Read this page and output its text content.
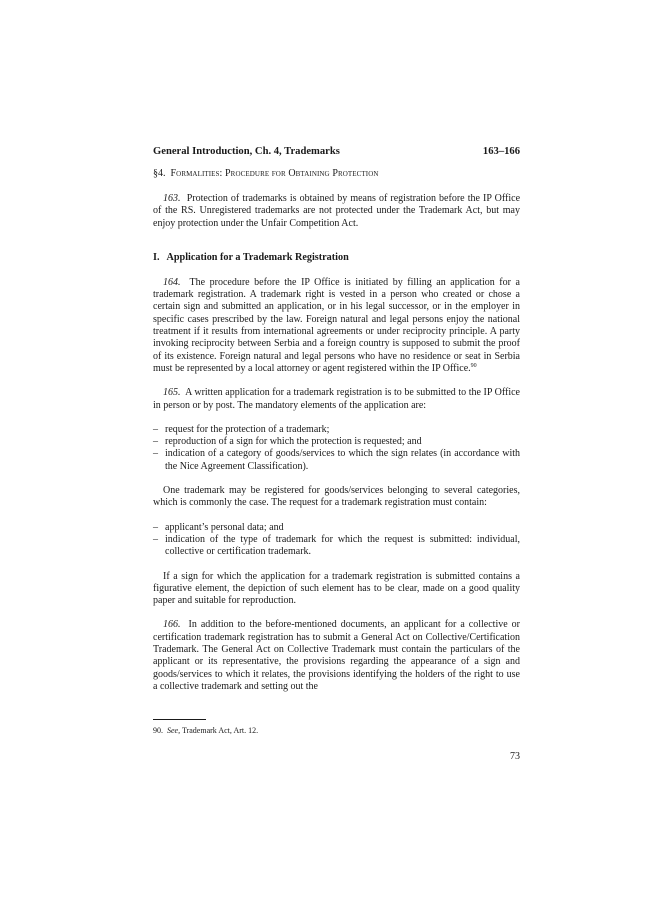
General Introduction, Ch. 4, Trademarks	163–166
§4. Formalities: Procedure for Obtaining Protection

163. Protection of trademarks is obtained by means of registration before the IP Office of the RS. Unregistered trademarks are not protected under the Trademark Act, but may enjoy protection under the Unfair Competition Act.

I. Application for a Trademark Registration

164. The procedure before the IP Office is initiated by filling an application for a trademark registration. A trademark right is vested in a person who created or chose a certain sign and submitted an application, or in his legal successor, or in the employer in specific cases prescribed by the law. Foreign natural and legal persons enjoy the national treatment if it results from international agreements or under reciprocity principle. A party invoking reciprocity between Serbia and a foreign country is supposed to submit the proof of its existence. Foreign natural and legal persons who have no residence or seat in Serbia must be represented by a local attorney or agent registered within the IP Office.$^{90}$

165. A written application for a trademark registration is to be submitted to the IP Office in person or by post. The mandatory elements of the application are:

– request for the protection of a trademark;
– reproduction of a sign for which the protection is requested; and
– indication of a category of goods/services to which the sign relates (in accordance with the Nice Agreement Classification).

One trademark may be registered for goods/services belonging to several categories, which is commonly the case. The request for a trademark registration must contain:

– applicant’s personal data; and
– indication of the type of trademark for which the request is submitted: individual, collective or certification trademark.

If a sign for which the application for a trademark registration is submitted contains a figurative element, the depiction of such element has to be clear, made on a good quality paper and suitable for reproduction.

166. In addition to the before-mentioned documents, an applicant for a collective or certification trademark registration has to submit a General Act on Collective/Certification Trademark. The General Act on Collective Trademark must contain the particulars of the applicant or its representative, the provisions regarding the appearance of a sign and goods/services to which it relates, the provisions identifying the holders of the right to use a collective trademark and setting out the

90. See, Trademark Act, Art. 12.
73
